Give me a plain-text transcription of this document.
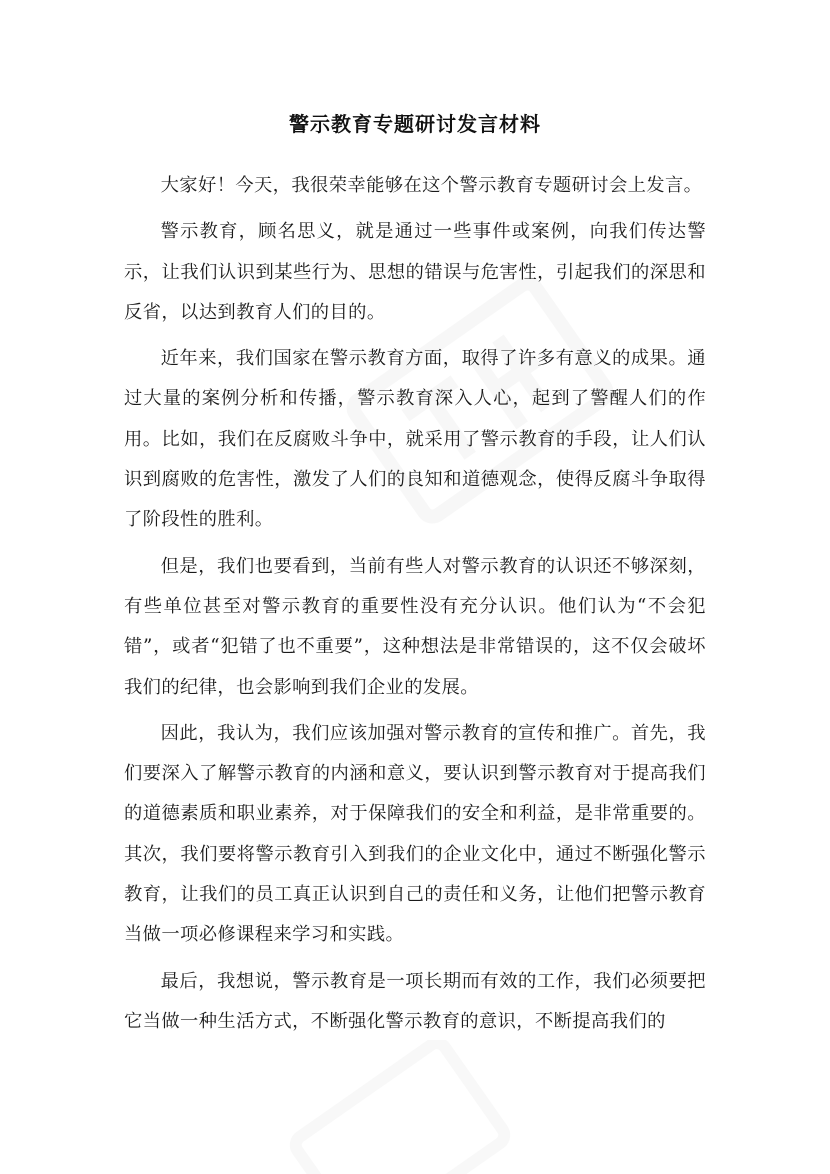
警示教育专题研讨发言材料

大家好！今天，我很荣幸能够在这个警示教育专题研讨会上发言。

警示教育，顾名思义，就是通过一些事件或案例，向我们传达警示，让我们认识到某些行为、思想的错误与危害性，引起我们的深思和反省，以达到教育人们的目的。

近年来，我们国家在警示教育方面，取得了许多有意义的成果。通过大量的案例分析和传播，警示教育深入人心，起到了警醒人们的作用。比如，我们在反腐败斗争中，就采用了警示教育的手段，让人们认识到腐败的危害性，激发了人们的良知和道德观念，使得反腐斗争取得了阶段性的胜利。

但是，我们也要看到，当前有些人对警示教育的认识还不够深刻，有些单位甚至对警示教育的重要性没有充分认识。他们认为“不会犯错”，或者“犯错了也不重要”，这种想法是非常错误的，这不仅会破坏我们的纪律，也会影响到我们企业的发展。

因此，我认为，我们应该加强对警示教育的宣传和推广。首先，我们要深入了解警示教育的内涵和意义，要认识到警示教育对于提高我们的道德素质和职业素养，对于保障我们的安全和利益，是非常重要的。其次，我们要将警示教育引入到我们的企业文化中，通过不断强化警示教育，让我们的员工真正认识到自己的责任和义务，让他们把警示教育当做一项必修课程来学习和实践。

最后，我想说，警示教育是一项长期而有效的工作，我们必须要把它当做一种生活方式，不断强化警示教育的意识，不断提高我们的
